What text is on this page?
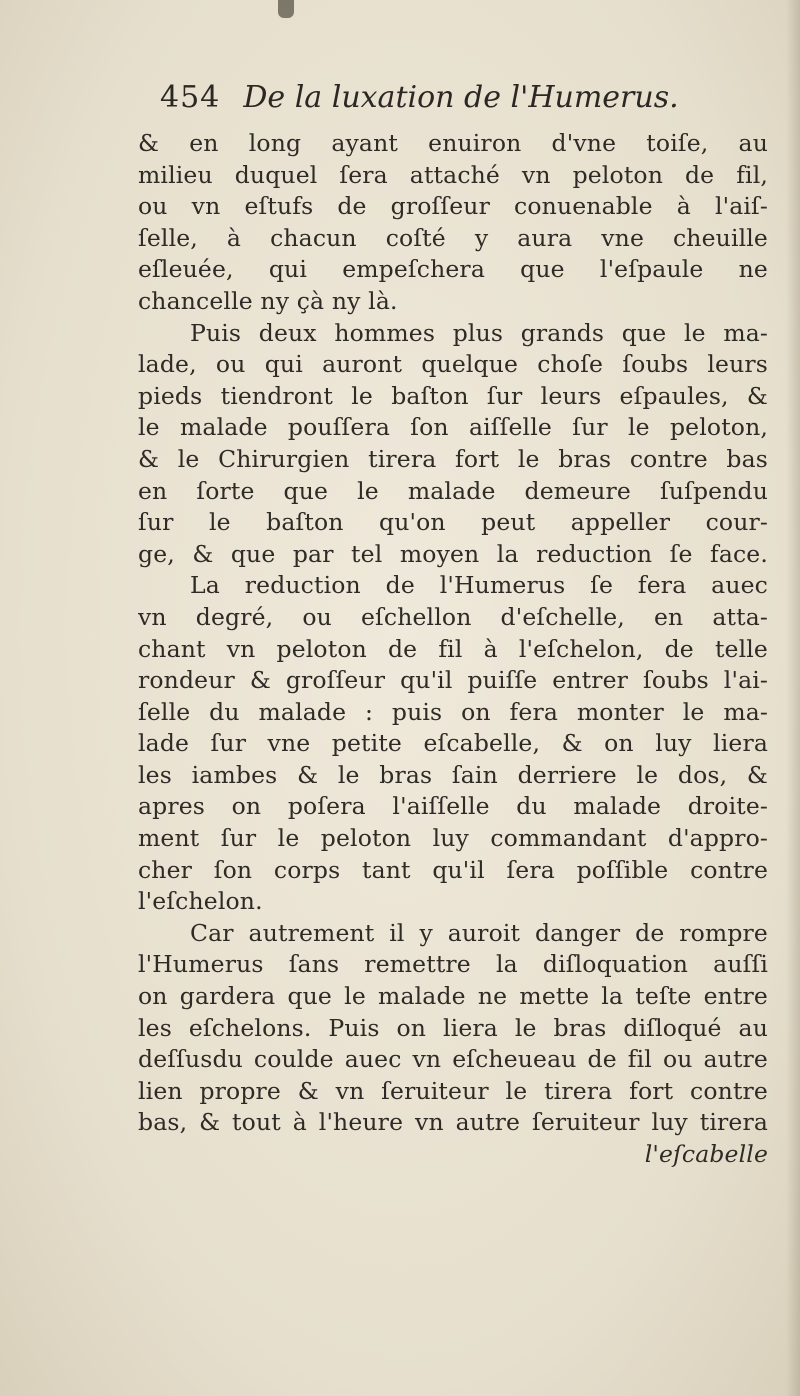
454 De la luxation de l'Humerus.
& en long ayant enuiron d'vne toiſe, au
milieu duquel ſera attaché vn peloton de fil,
ou vn eſtufs de groſſeur conuenable à l'aiſ-
ſelle, à chacun coſté y aura vne cheuille
eſleuée, qui empeſchera que l'eſpaule ne
chancelle ny çà ny là.
Puis deux hommes plus grands que le ma-
lade, ou qui auront quelque choſe ſoubs leurs
pieds tiendront le baſton ſur leurs eſpaules, &
le malade pouſſera ſon aiſſelle ſur le peloton,
& le Chirurgien tirera fort le bras contre bas
en ſorte que le malade demeure ſuſpendu
ſur le baſton qu'on peut appeller cour-
ge, & que par tel moyen la reduction ſe face.
La reduction de l'Humerus ſe fera auec
vn degré, ou eſchellon d'eſchelle, en atta-
chant vn peloton de fil à l'eſchelon, de telle
rondeur & groſſeur qu'il puiſſe entrer ſoubs l'ai-
ſelle du malade : puis on fera monter le ma-
lade ſur vne petite eſcabelle, & on luy liera
les iambes & le bras ſain derriere le dos, &
apres on poſera l'aiſſelle du malade droite-
ment ſur le peloton luy commandant d'appro-
cher ſon corps tant qu'il ſera poſſible contre
l'eſchelon.
Car autrement il y auroit danger de rompre
l'Humerus ſans remettre la diſloquation auſſi
on gardera que le malade ne mette la teſte entre
les eſchelons. Puis on liera le bras diſloqué au
deſſusdu coulde auec vn eſcheueau de fil ou autre
lien propre & vn ſeruiteur le tirera fort contre
bas, & tout à l'heure vn autre ſeruiteur luy tirera
l'eſcabelle
